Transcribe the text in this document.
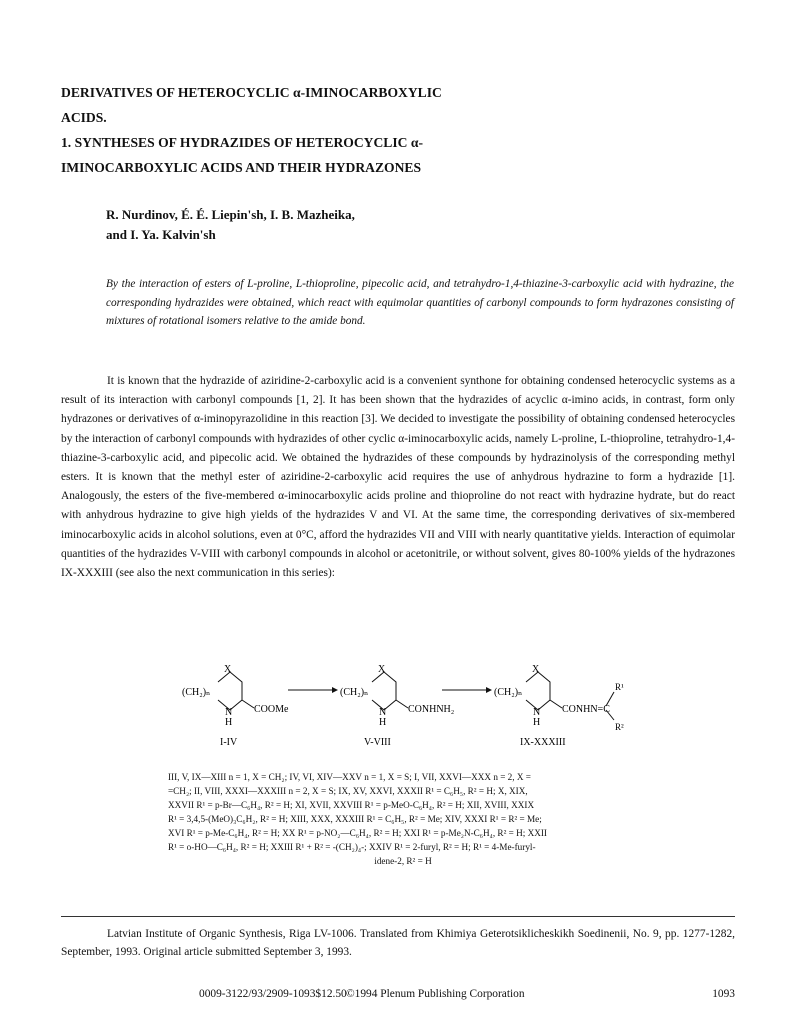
DERIVATIVES OF HETEROCYCLIC α-IMINOCARBOXYLIC
ACIDS.
1. SYNTHESES OF HYDRAZIDES OF HETEROCYCLIC α-
IMINOCARBOXYLIC ACIDS AND THEIR HYDRAZONES
R. Nurdinov, É. É. Liepin'sh, I. B. Mazheika,
and I. Ya. Kalvin'sh
By the interaction of esters of L-proline, L-thioproline, pipecolic acid, and tetrahydro-1,4-thiazine-3-carboxylic acid with hydrazine, the corresponding hydrazides were obtained, which react with equimolar quantities of carbonyl compounds to form hydrazones consisting of mixtures of rotational isomers relative to the amide bond.

It is known that the hydrazide of aziridine-2-carboxylic acid is a convenient synthone for obtaining condensed heterocyclic systems as a result of its interaction with carbonyl compounds [1, 2]. It has been shown that the hydrazides of acyclic α-imino acids, in contrast, form only hydrazones or derivatives of α-iminopyrazolidine in this reaction [3]. We decided to investigate the possibility of obtaining condensed heterocycles by the interaction of carbonyl compounds with hydrazides of other cyclic α-iminocarboxylic acids, namely L-proline, L-thioproline, tetrahydro-1,4-thiazine-3-carboxylic acid, and pipecolic acid. We obtained the hydrazides of these compounds by hydrazinolysis of the corresponding methyl esters. It is known that the methyl ester of aziridine-2-carboxylic acid requires the use of anhydrous hydrazine to form a hydrazide [1]. Analogously, the esters of the five-membered α-iminocarboxylic acids proline and thioproline do not react with hydrazine hydrate, but do react with anhydrous hydrazine to give high yields of the hydrazides V and VI. At the same time, the corresponding derivatives of six-membered iminocarboxylic acids in alcohol solutions, even at 0°C, afford the hydrazides VII and VIII with nearly quantitative yields. Interaction of equimolar quantities of the hydrazides V-VIII with carbonyl compounds in alcohol or acetonitrile, or without solvent, gives 80-100% yields of the hydrazones IX-XXXIII (see also the next communication in this series):

X
(CH₂)ₙ
N
H
COOMe
I-IV
X
(CH₂)ₙ
N
H
CONHNH₂
V-VIII
X
(CH₂)ₙ
N
H
CONHN=C
R¹
R²
IX-XXXIII
III, V, IX—XIII n = 1, X = CH₂; IV, VI, XIV—XXV n = 1, X = S; I, VII, XXVI—XXX n = 2, X =
=CH₂; II, VIII, XXXI—XXXIII n = 2, X = S; IX, XV, XXVI, XXXII R¹ = C₆H₅, R² = H; X, XIX,
XXVII R¹ = p-Br—C₆H₄, R² = H; XI, XVII, XXVIII R¹ = p-MeO-C₆H₄, R² = H; XII, XVIII, XXIX
R¹ = 3,4,5-(MeO)₃C₆H₂, R² = H; XIII, XXX, XXXIII R¹ = C₆H₅, R² = Me; XIV, XXXI R¹ = R² = Me;
XVI R¹ = p-Me-C₆H₄, R² = H; XX R¹ = p-NO₂—C₆H₄, R² = H; XXI R¹ = p-Me₂N-C₆H₄, R² = H; XXII
R¹ = o-HO—C₆H₄, R² = H; XXIII R¹ + R² = -(CH₂)₄-; XXIV R¹ = 2-furyl, R² = H; R¹ = 4-Me-furyl-
idene-2, R² = H
Latvian Institute of Organic Synthesis, Riga LV-1006. Translated from Khimiya Geterotsiklicheskikh Soedinenii, No. 9, pp. 1277-1282, September, 1993. Original article submitted September 3, 1993.
0009-3122/93/2909-1093$12.50 ©1994 Plenum Publishing Corporation	1093
